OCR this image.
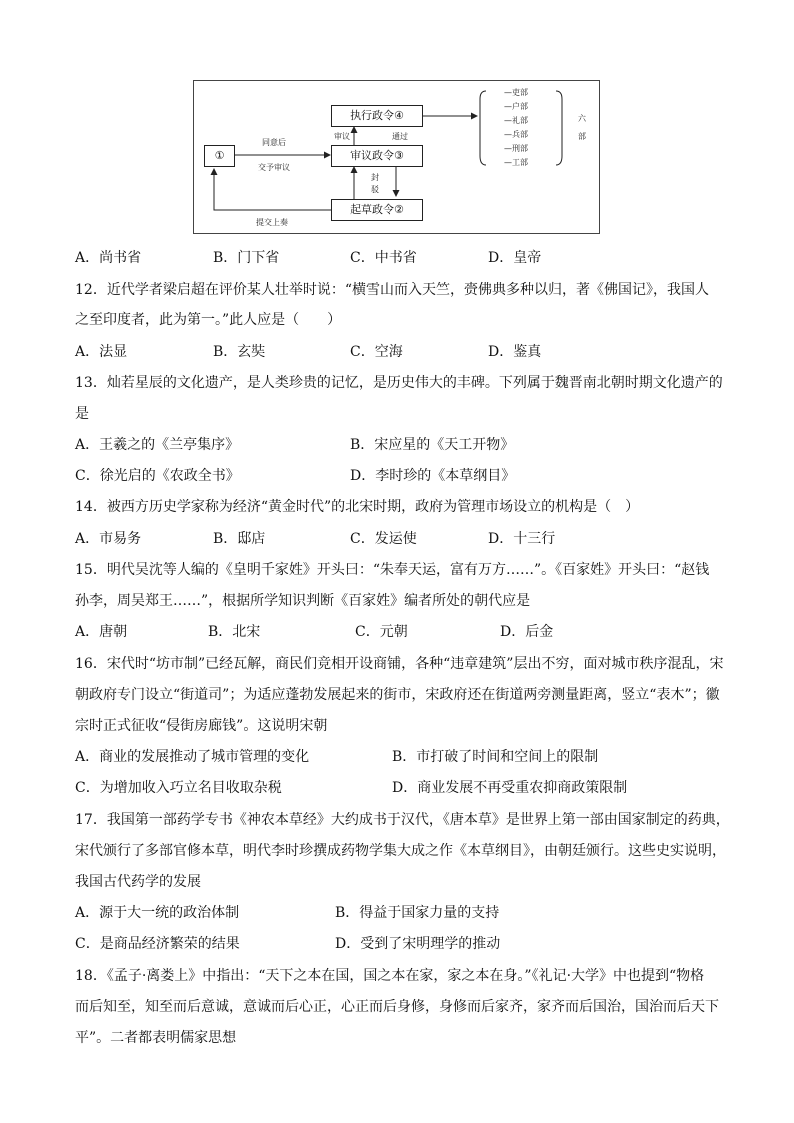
①
执行政令④
审议政令③
起草政令②
同意后
交予审议
审议	通过
封
驳
提交上奏
—吏部
—户部
—礼部
—兵部
—刑部
—工部
六
部
A．尚书省	B．门下省	C．中书省	D．皇帝
12．近代学者梁启超在评价某人壮举时说：“横雪山而入天竺，赍佛典多种以归，著《佛国记》，我国人
之至印度者，此为第一。”此人应是（　　）
A．法显	B．玄奘	C．空海	D．鉴真
13．灿若星辰的文化遗产，是人类珍贵的记忆，是历史伟大的丰碑。下列属于魏晋南北朝时期文化遗产的
是
A．王羲之的《兰亭集序》	B．宋应星的《天工开物》
C．徐光启的《农政全书》	D．李时珍的《本草纲目》
14．被西方历史学家称为经济“黄金时代”的北宋时期，政府为管理市场设立的机构是（　）
A．市易务	B．邸店	C．发运使	D．十三行
15．明代吴沈等人编的《皇明千家姓》开头曰：“朱奉天运，富有万方……”。《百家姓》开头曰：“赵钱
孙李，周吴郑王……”，根据所学知识判断《百家姓》编者所处的朝代应是
A．唐朝	B．北宋	C．元朝	D．后金
16．宋代时“坊市制”已经瓦解，商民们竞相开设商铺，各种“违章建筑”层出不穷，面对城市秩序混乱，宋
朝政府专门设立“街道司”；为适应蓬勃发展起来的街市，宋政府还在街道两旁测量距离，竖立“表木”；徽
宗时正式征收“侵街房廊钱”。这说明宋朝
A．商业的发展推动了城市管理的变化	B．市打破了时间和空间上的限制
C．为增加收入巧立名目收取杂税	D．商业发展不再受重农抑商政策限制
17．我国第一部药学专书《神农本草经》大约成书于汉代，《唐本草》是世界上第一部由国家制定的药典，
宋代颁行了多部官修本草，明代李时珍撰成药物学集大成之作《本草纲目》，由朝廷颁行。这些史实说明，
我国古代药学的发展
A．源于大一统的政治体制	B．得益于国家力量的支持
C．是商品经济繁荣的结果	D．受到了宋明理学的推动
18．《孟子·离娄上》中指出：“天下之本在国，国之本在家，家之本在身。”《礼记·大学》中也提到“物格
而后知至，知至而后意诚，意诚而后心正，心正而后身修，身修而后家齐，家齐而后国治，国治而后天下
平”。二者都表明儒家思想
